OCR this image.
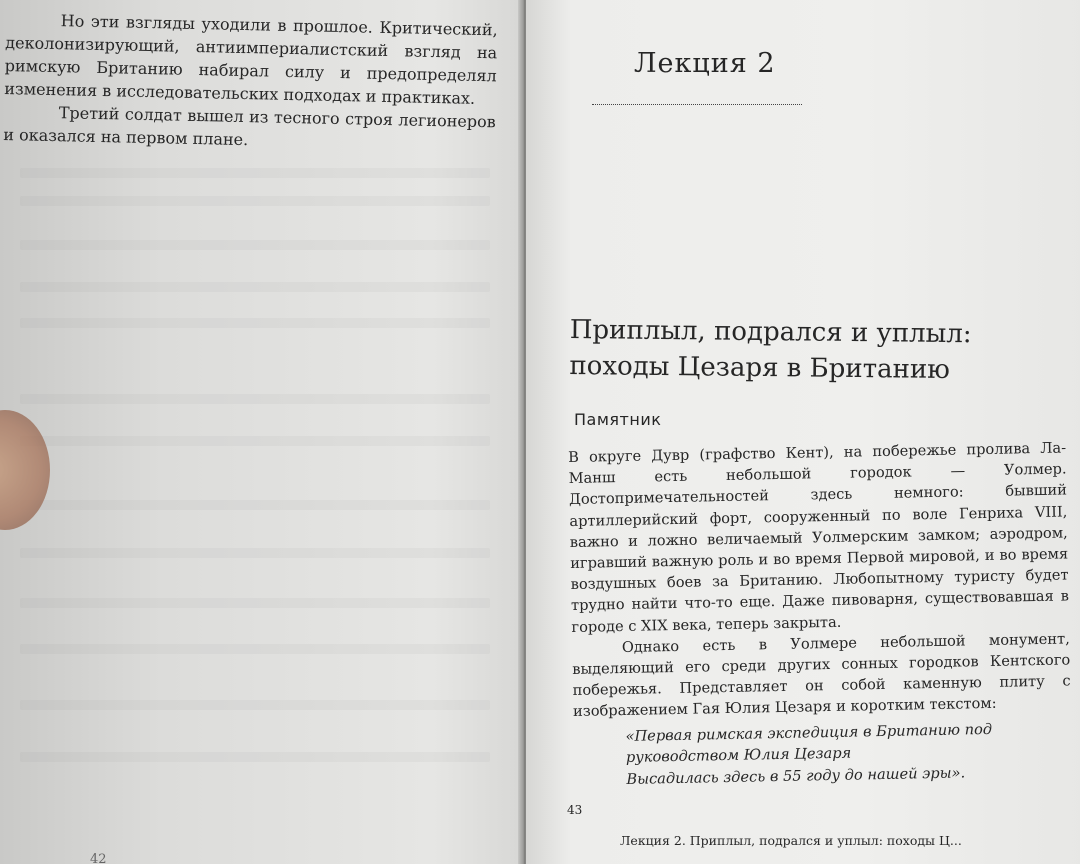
Но эти взгляды уходили в прошлое. Критический, деколонизирующий, антиимпериалистский взгляд на римскую Британию набирал силу и предопределял изменения в исследовательских подходах и практиках.

Третий солдат вышел из тесного строя легионеров и оказался на первом плане.

42
Лекция 2
Приплыл, подрался и уплыл:
походы Цезаря в Британию
Памятник

В округе Дувр (графство Кент), на побережье пролива Ла-Манш есть небольшой городок — Уолмер. Достопримечательностей здесь немного: бывший артиллерийский форт, сооруженный по воле Генриха VIII, важно и ложно величаемый Уолмерским замком; аэродром, игравший важную роль и во время Первой мировой, и во время воздушных боев за Британию. Любопытному туристу будет трудно найти что-то еще. Даже пивоварня, существовавшая в городе с XIX века, теперь закрыта.

Однако есть в Уолмере небольшой монумент, выделяющий его среди других сонных городков Кентского побережья. Представляет он собой каменную плиту с изображением Гая Юлия Цезаря и коротким текстом:

«Первая римская экспедиция в Британию под руководством Юлия Цезаря
Высадилась здесь в 55 году до нашей эры».
43
Лекция 2. Приплыл, подрался и уплыл: походы Ц...
